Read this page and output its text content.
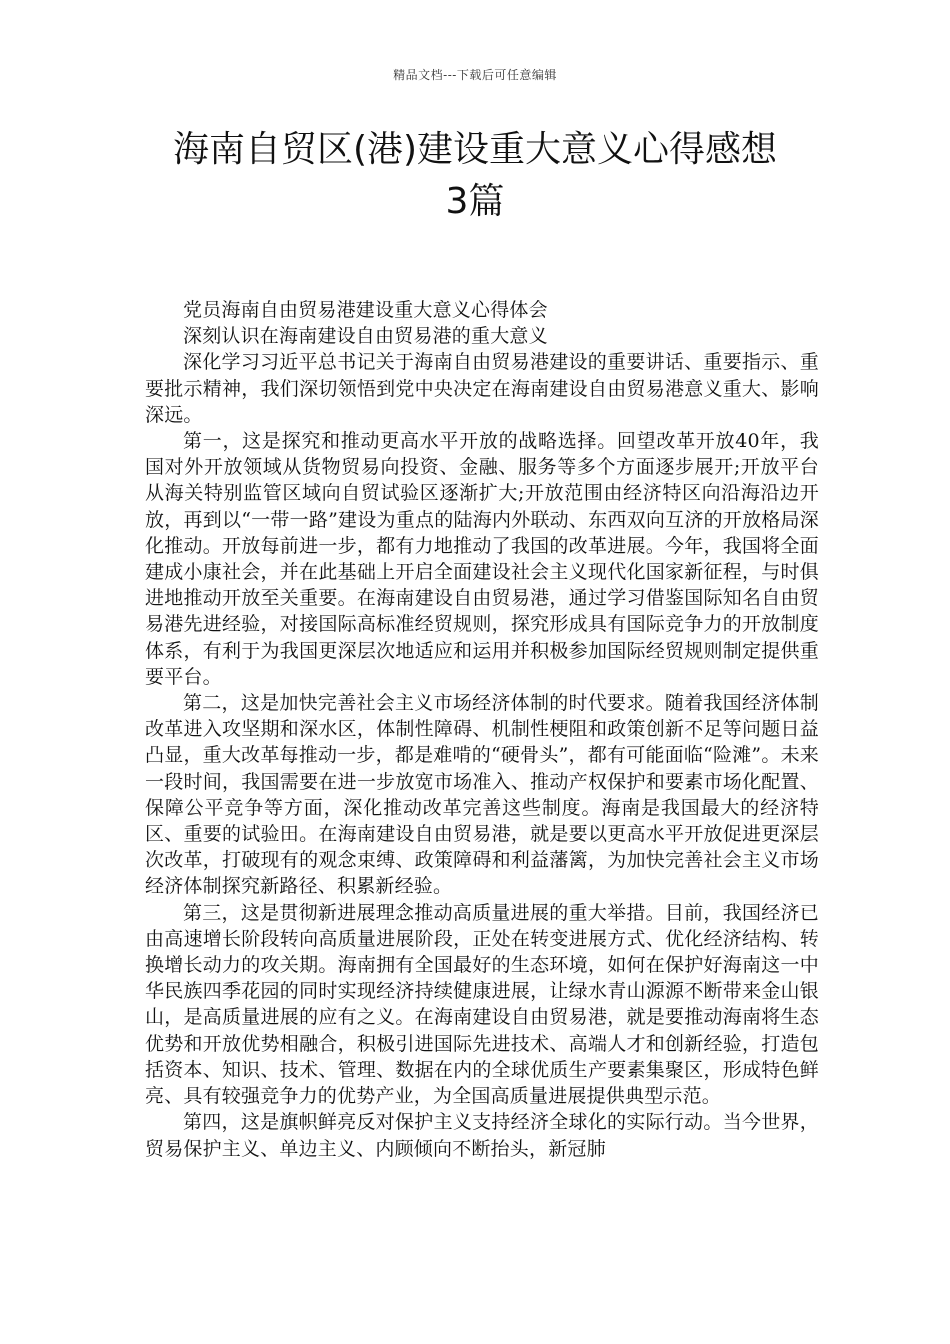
精品文档---下载后可任意编辑
海南自贸区(港)建设重大意义心得感想
3篇

党员海南自由贸易港建设重大意义心得体会

深刻认识在海南建设自由贸易港的重大意义

深化学习习近平总书记关于海南自由贸易港建设的重要讲话、重要指示、重要批示精神，我们深切领悟到党中央决定在海南建设自由贸易港意义重大、影响深远。

第一，这是探究和推动更高水平开放的战略选择。回望改革开放40年，我国对外开放领域从货物贸易向投资、金融、服务等多个方面逐步展开;开放平台从海关特别监管区域向自贸试验区逐渐扩大;开放范围由经济特区向沿海沿边开放，再到以“一带一路”建设为重点的陆海内外联动、东西双向互济的开放格局深化推动。开放每前进一步，都有力地推动了我国的改革进展。今年，我国将全面建成小康社会，并在此基础上开启全面建设社会主义现代化国家新征程，与时俱进地推动开放至关重要。在海南建设自由贸易港，通过学习借鉴国际知名自由贸易港先进经验，对接国际高标准经贸规则，探究形成具有国际竞争力的开放制度体系，有利于为我国更深层次地适应和运用并积极参加国际经贸规则制定提供重要平台。

第二，这是加快完善社会主义市场经济体制的时代要求。随着我国经济体制改革进入攻坚期和深水区，体制性障碍、机制性梗阻和政策创新不足等问题日益凸显，重大改革每推动一步，都是难啃的“硬骨头”，都有可能面临“险滩”。未来一段时间，我国需要在进一步放宽市场准入、推动产权保护和要素市场化配置、保障公平竞争等方面，深化推动改革完善这些制度。海南是我国最大的经济特区、重要的试验田。在海南建设自由贸易港，就是要以更高水平开放促进更深层次改革，打破现有的观念束缚、政策障碍和利益藩篱，为加快完善社会主义市场经济体制探究新路径、积累新经验。

第三，这是贯彻新进展理念推动高质量进展的重大举措。目前，我国经济已由高速增长阶段转向高质量进展阶段，正处在转变进展方式、优化经济结构、转换增长动力的攻关期。海南拥有全国最好的生态环境，如何在保护好海南这一中华民族四季花园的同时实现经济持续健康进展，让绿水青山源源不断带来金山银山，是高质量进展的应有之义。在海南建设自由贸易港，就是要推动海南将生态优势和开放优势相融合，积极引进国际先进技术、高端人才和创新经验，打造包括资本、知识、技术、管理、数据在内的全球优质生产要素集聚区，形成特色鲜亮、具有较强竞争力的优势产业，为全国高质量进展提供典型示范。

第四，这是旗帜鲜亮反对保护主义支持经济全球化的实际行动。当今世界，贸易保护主义、单边主义、内顾倾向不断抬头，新冠肺
